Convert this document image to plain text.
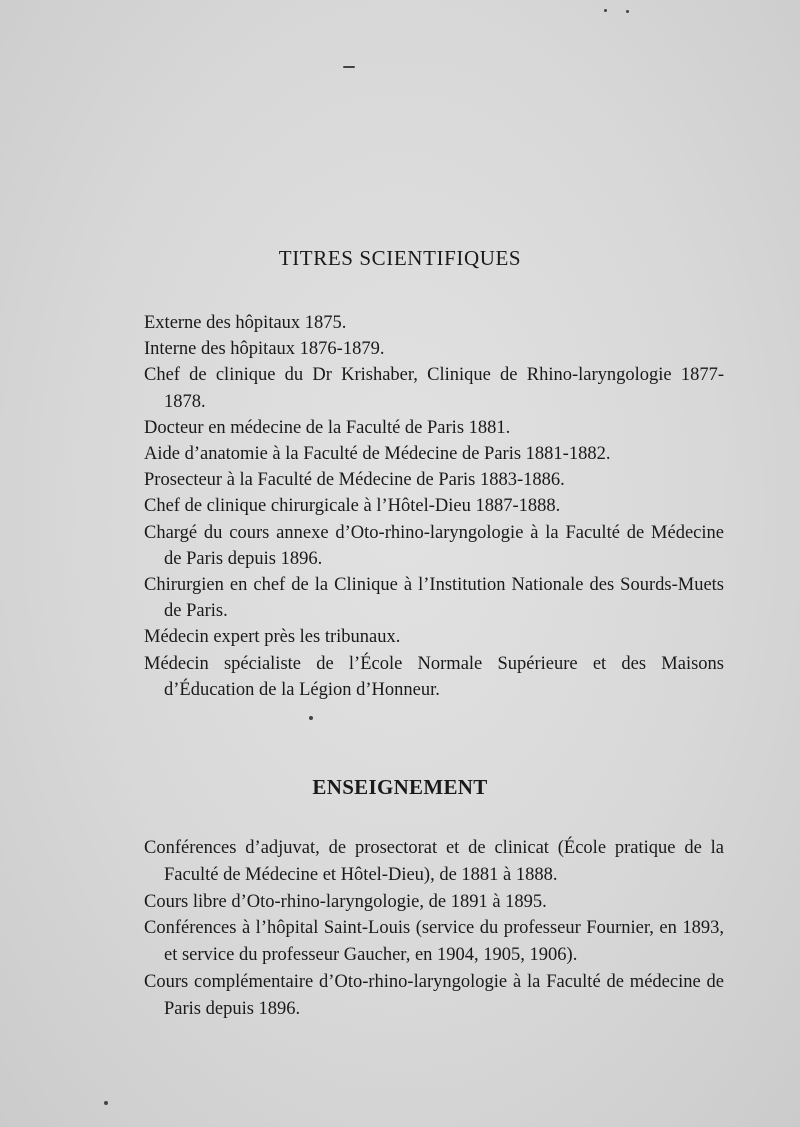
TITRES SCIENTIFIQUES
Externe des hôpitaux 1875.
Interne des hôpitaux 1876-1879.
Chef de clinique du Dr Krishaber, Clinique de Rhino-laryngologie 1877-1878.
Docteur en médecine de la Faculté de Paris 1881.
Aide d’anatomie à la Faculté de Médecine de Paris 1881-1882.
Prosecteur à la Faculté de Médecine de Paris 1883-1886.
Chef de clinique chirurgicale à l’Hôtel-Dieu 1887-1888.
Chargé du cours annexe d’Oto-rhino-laryngologie à la Faculté de Médecine de Paris depuis 1896.
Chirurgien en chef de la Clinique à l’Institution Nationale des Sourds-Muets de Paris.
Médecin expert près les tribunaux.
Médecin spécialiste de l’École Normale Supérieure et des Maisons d’Éducation de la Légion d’Honneur.
ENSEIGNEMENT
Conférences d’adjuvat, de prosectorat et de clinicat (École pratique de la Faculté de Médecine et Hôtel-Dieu), de 1881 à 1888.
Cours libre d’Oto-rhino-laryngologie, de 1891 à 1895.
Conférences à l’hôpital Saint-Louis (service du professeur Fournier, en 1893, et service du professeur Gaucher, en 1904, 1905, 1906).
Cours complémentaire d’Oto-rhino-laryngologie à la Faculté de médecine de Paris depuis 1896.
